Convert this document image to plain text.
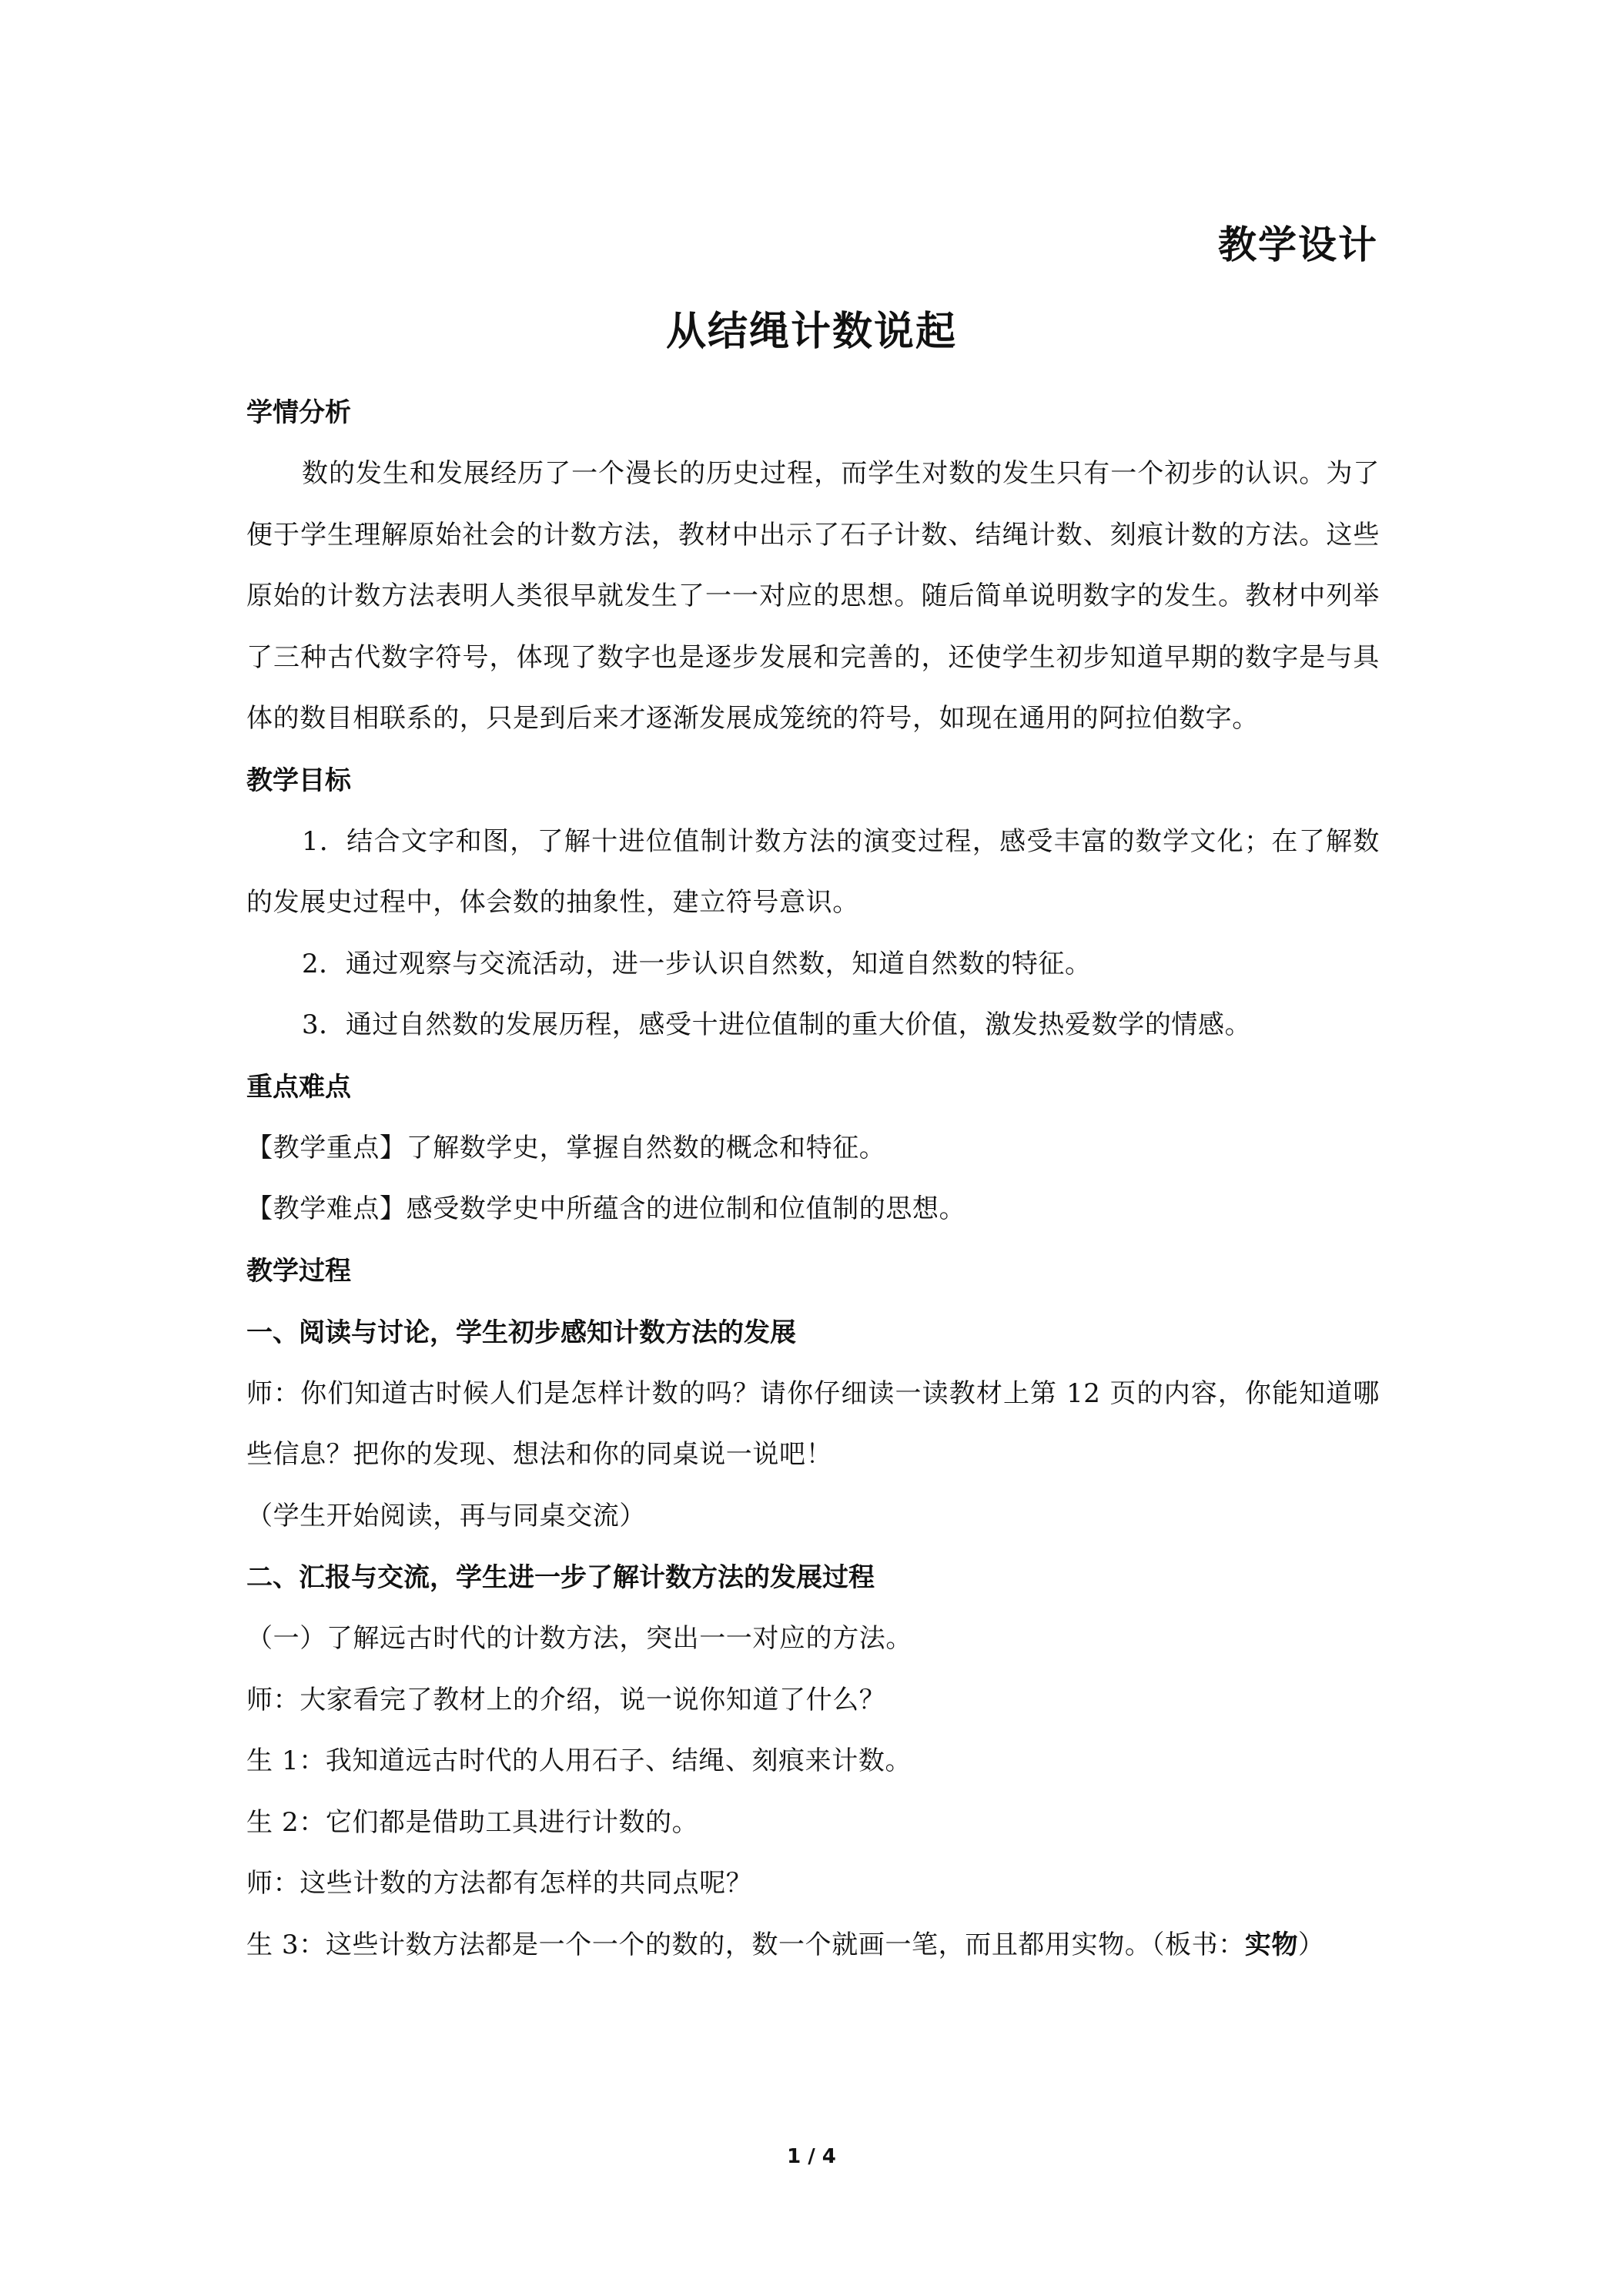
教学设计
从结绳计数说起

学情分析

数的发生和发展经历了一个漫长的历史过程，而学生对数的发生只有一个初步的认识。为了便于学生理解原始社会的计数方法，教材中出示了石子计数、结绳计数、刻痕计数的方法。这些原始的计数方法表明人类很早就发生了一一对应的思想。随后简单说明数字的发生。教材中列举了三种古代数字符号，体现了数字也是逐步发展和完善的，还使学生初步知道早期的数字是与具体的数目相联系的，只是到后来才逐渐发展成笼统的符号，如现在通用的阿拉伯数字。

教学目标

1．结合文字和图，了解十进位值制计数方法的演变过程，感受丰富的数学文化；在了解数的发展史过程中，体会数的抽象性，建立符号意识。

2．通过观察与交流活动，进一步认识自然数，知道自然数的特征。

3．通过自然数的发展历程，感受十进位值制的重大价值，激发热爱数学的情感。

重点难点

【教学重点】了解数学史，掌握自然数的概念和特征。

【教学难点】感受数学史中所蕴含的进位制和位值制的思想。

教学过程

一、阅读与讨论，学生初步感知计数方法的发展

师：你们知道古时候人们是怎样计数的吗？请你仔细读一读教材上第 12 页的内容，你能知道哪些信息？把你的发现、想法和你的同桌说一说吧！

（学生开始阅读，再与同桌交流）

二、汇报与交流，学生进一步了解计数方法的发展过程

（一）了解远古时代的计数方法，突出一一对应的方法。

师：大家看完了教材上的介绍，说一说你知道了什么？

生 1：我知道远古时代的人用石子、结绳、刻痕来计数。

生 2：它们都是借助工具进行计数的。

师：这些计数的方法都有怎样的共同点呢？

生 3：这些计数方法都是一个一个的数的，数一个就画一笔，而且都用实物。（板书：实物）

1 / 4
